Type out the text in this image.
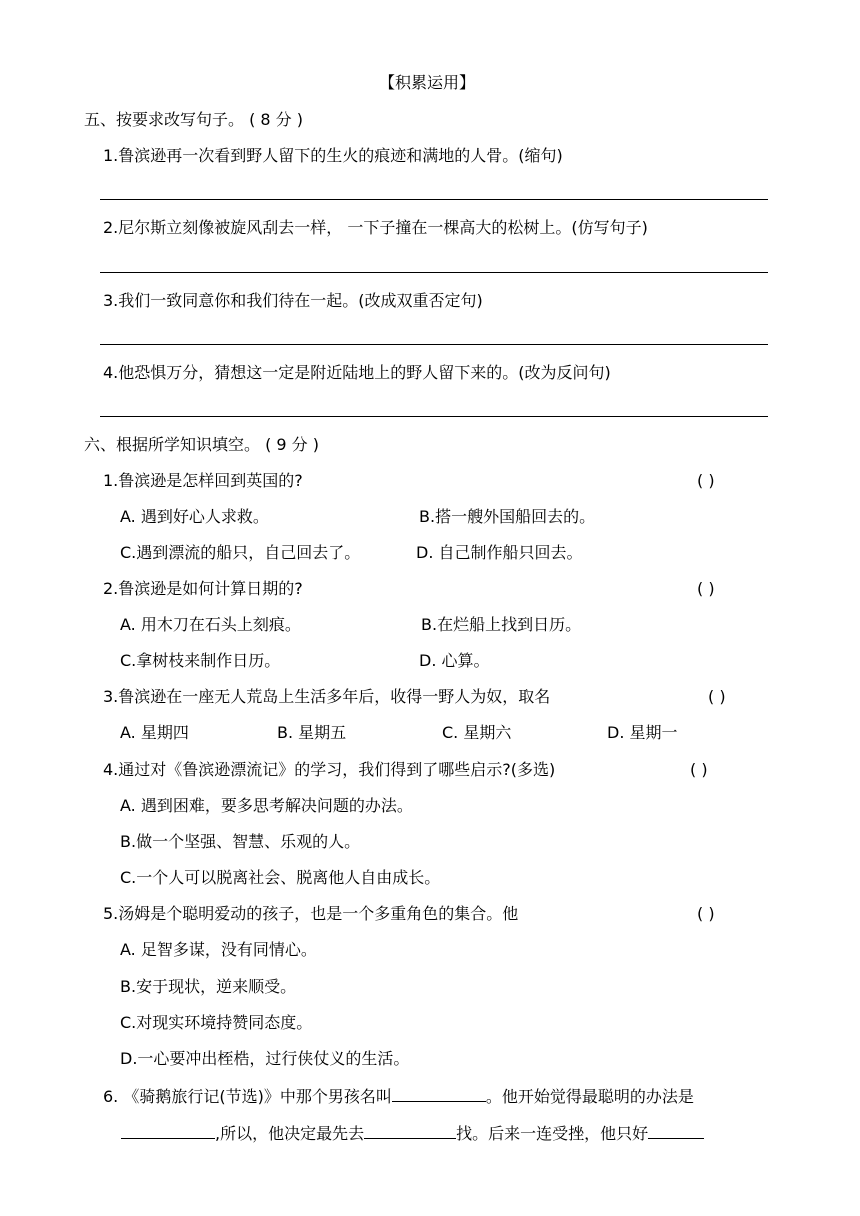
【积累运用】
五、按要求改写句子。 ( 8 分 )
1.鲁滨逊再一次看到野人留下的生火的痕迹和满地的人骨。(缩句)
2.尼尔斯立刻像被旋风刮去一样， 一下子撞在一棵高大的松树上。(仿写句子)
3.我们一致同意你和我们待在一起。(改成双重否定句)
4.他恐惧万分，猜想这一定是附近陆地上的野人留下来的。(改为反问句)
六、根据所学知识填空。 ( 9 分 )
1.鲁滨逊是怎样回到英国的?	( )
A. 遇到好心人求救。	B.搭一艘外国船回去的。
C.遇到漂流的船只，自己回去了。	D. 自己制作船只回去。
2.鲁滨逊是如何计算日期的?	( )
A. 用木刀在石头上刻痕。	B.在烂船上找到日历。
C.拿树枝来制作日历。	D. 心算。
3.鲁滨逊在一座无人荒岛上生活多年后，收得一野人为奴，取名	( )
A. 星期四	B. 星期五	C. 星期六	D. 星期一
4.通过对《鲁滨逊漂流记》的学习，我们得到了哪些启示?(多选)	( )
A. 遇到困难，要多思考解决问题的办法。
B.做一个坚强、智慧、乐观的人。
C.一个人可以脱离社会、脱离他人自由成长。
5.汤姆是个聪明爱动的孩子，也是一个多重角色的集合。他	( )
A. 足智多谋，没有同情心。
B.安于现状，逆来顺受。
C.对现实环境持赞同态度。
D.一心要冲出桎梏，过行侠仗义的生活。
6. 《骑鹅旅行记(节选)》中那个男孩名叫	。他开始觉得最聪明的办法是
,所以，他决定最先去	找。后来一连受挫，他只好
